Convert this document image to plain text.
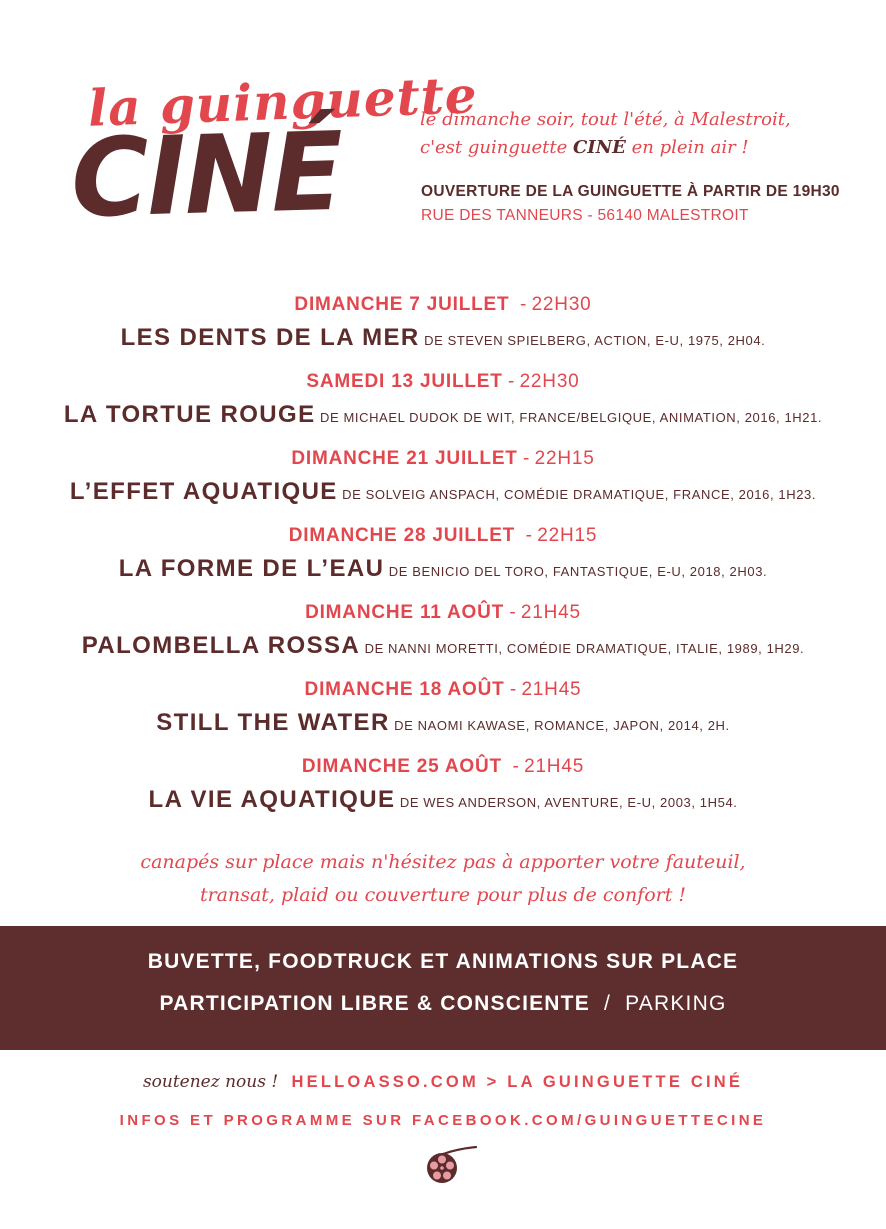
la guinguette
CINÉ	le dimanche soir, tout l'été, à Malestroit,
c'est guinguette CINÉ en plein air !
OUVERTURE DE LA GUINGUETTE À PARTIR DE 19H30
RUE DES TANNEURS - 56140 MALESTROIT
DIMANCHE 7 JUILLET - 22H30
LES DENTS DE LA MER DE STEVEN SPIELBERG, ACTION, E-U, 1975, 2H04.
SAMEDI 13 JUILLET - 22H30
LA TORTUE ROUGE DE MICHAEL DUDOK DE WIT, FRANCE/BELGIQUE, ANIMATION, 2016, 1H21.
DIMANCHE 21 JUILLET - 22H15
L’EFFET AQUATIQUE DE SOLVEIG ANSPACH, COMÉDIE DRAMATIQUE, FRANCE, 2016, 1H23.
DIMANCHE 28 JUILLET - 22H15
LA FORME DE L’EAU DE BENICIO DEL TORO, FANTASTIQUE, E-U, 2018, 2H03.
DIMANCHE 11 AOÛT - 21H45
PALOMBELLA ROSSA DE NANNI MORETTI, COMÉDIE DRAMATIQUE, ITALIE, 1989, 1H29.
DIMANCHE 18 AOÛT - 21H45
STILL THE WATER DE NAOMI KAWASE, ROMANCE, JAPON, 2014, 2H.
DIMANCHE 25 AOÛT - 21H45
LA VIE AQUATIQUE DE WES ANDERSON, AVENTURE, E-U, 2003, 1H54.
canapés sur place mais n'hésitez pas à apporter votre fauteuil,
transat, plaid ou couverture pour plus de confort !
BUVETTE, FOODTRUCK ET ANIMATIONS SUR PLACE
PARTICIPATION LIBRE & CONSCIENTE / PARKING
soutenez nous ! HELLOASSO.COM > LA GUINGUETTE CINÉ
INFOS ET PROGRAMME SUR FACEBOOK.COM/GUINGUETTECINE
